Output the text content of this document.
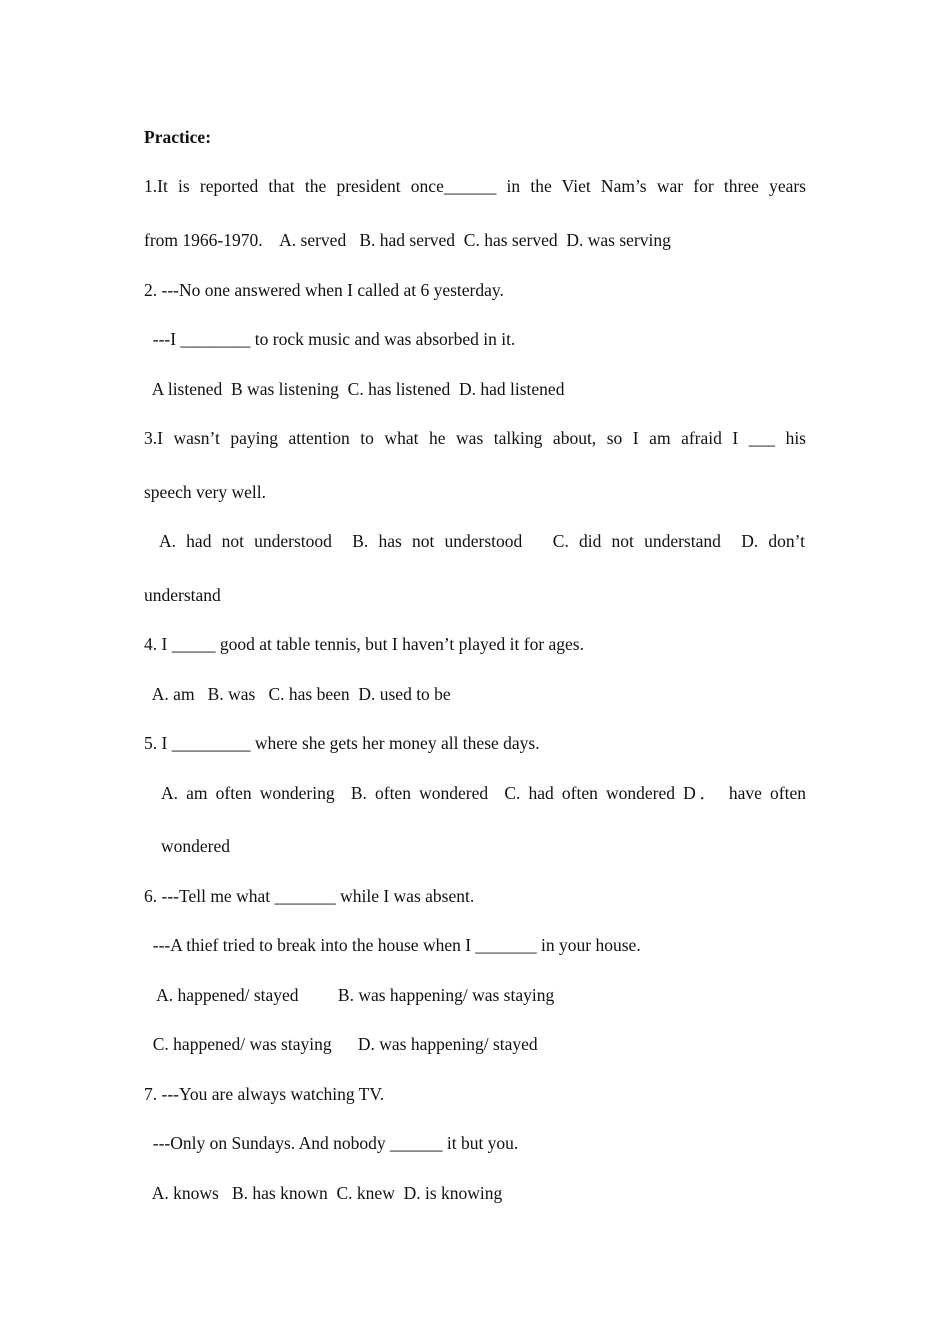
Practice:
1.It is reported that the president once______ in the Viet Nam’s war for three years
from 1966-1970.    A. served   B. had served  C. has served  D. was serving
2. ---No one answered when I called at 6 yesterday.
---I ________ to rock music and was absorbed in it.
A listened  B was listening  C. has listened  D. had listened
3.I wasn’t paying attention to what he was talking about, so I am afraid I ___ his
speech very well.
A. had not understood  B. has not understood   C. did not understand  D. don’t
understand
4. I _____ good at table tennis, but I haven’t played it for ages.
A. am   B. was   C. has been  D. used to be
5. I _________ where she gets her money all these days.
A. am often wondering  B. often wondered  C. had often wondered D． have often
wondered
6. ---Tell me what _______ while I was absent.
---A thief tried to break into the house when I _______ in your house.
A. happened/ stayed         B. was happening/ was staying
C. happened/ was staying      D. was happening/ stayed
7. ---You are always watching TV.
---Only on Sundays. And nobody ______ it but you.
A. knows   B. has known  C. knew  D. is knowing
